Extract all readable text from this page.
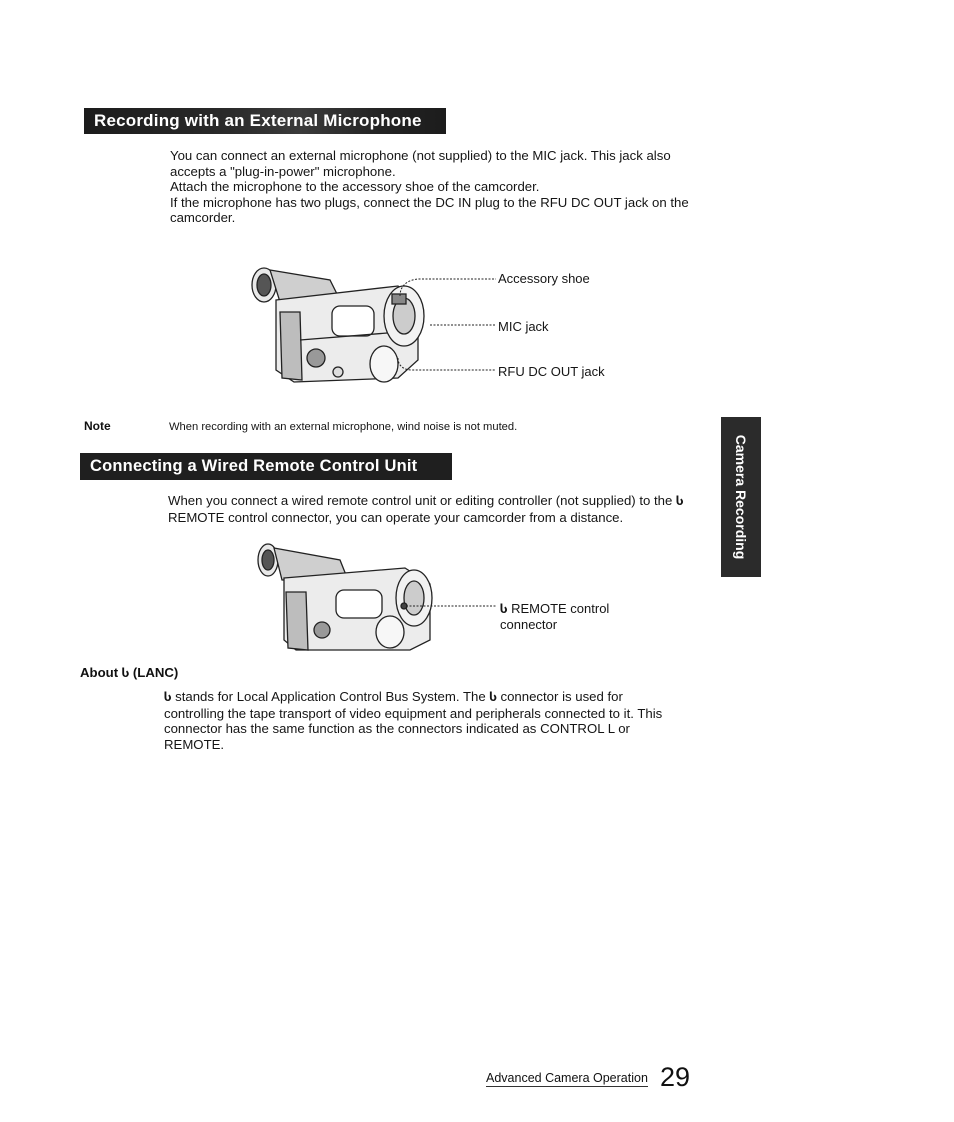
Recording with an External Microphone

You can connect an external microphone (not supplied) to the MIC jack. This jack also accepts a "plug-in-power" microphone.

Attach the microphone to the accessory shoe of the camcorder.

If the microphone has two plugs, connect the DC IN plug to the RFU DC OUT jack on the camcorder.

Accessory shoe
MIC jack
RFU DC OUT jack
Note	When recording with an external microphone, wind noise is not muted.
Connecting a Wired Remote Control Unit
When you connect a wired remote control unit or editing controller (not supplied) to the Ⴑ REMOTE control connector, you can operate your camcorder from a distance.
Ⴑ REMOTE control
connector
Camera Recording
About Ⴑ (LANC)
Ⴑ stands for Local Application Control Bus System. The Ⴑ connector is used for controlling the tape transport of video equipment and peripherals connected to it. This connector has the same function as the connectors indicated as CONTROL L or REMOTE.
Advanced Camera Operation 29
